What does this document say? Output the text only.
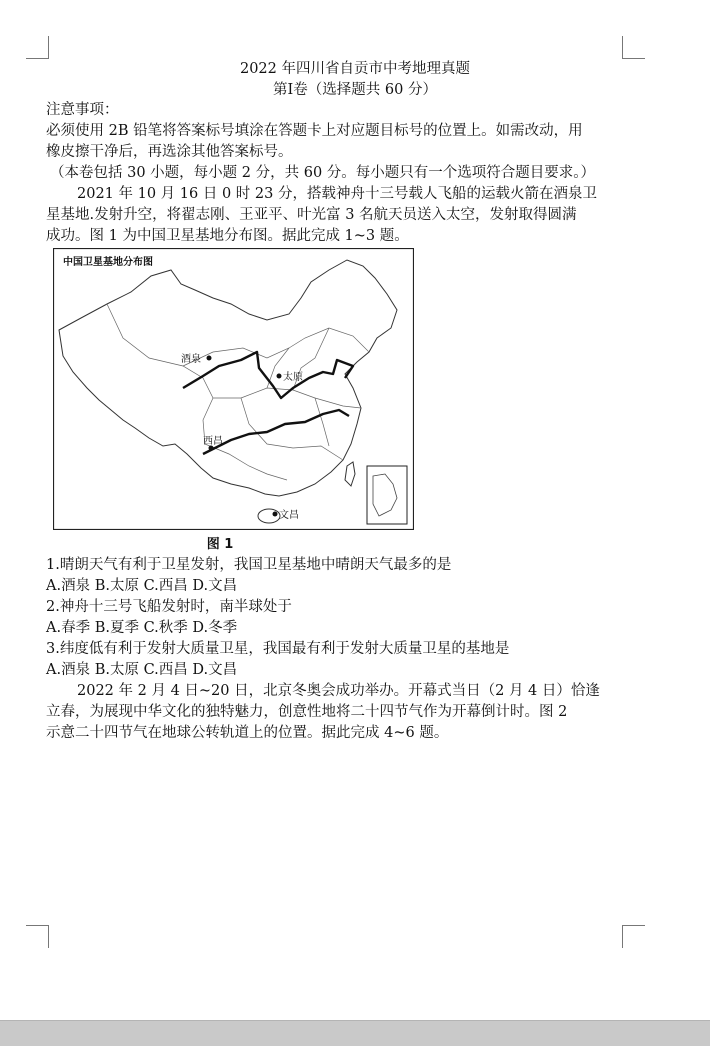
2022 年四川省自贡市中考地理真题
第Ⅰ卷（选择题共 60 分）
注意事项：
必须使用 2B 铅笔将答案标号填涂在答题卡上对应题目标号的位置上。如需改动，用
橡皮擦干净后，再选涂其他答案标号。
（本卷包括 30 小题，每小题 2 分，共 60 分。每小题只有一个选项符合题目要求。）
2021 年 10 月 16 日 0 时 23 分，搭载神舟十三号载人飞船的运载火箭在酒泉卫
星基地.发射升空，将翟志刚、王亚平、叶光富 3 名航天员送入太空，发射取得圆满
成功。图 1 为中国卫星基地分布图。据此完成 1~3 题。
中国卫星基地分布图
酒泉
太原
西昌
文昌
图 1
1.晴朗天气有利于卫星发射，我国卫星基地中晴朗天气最多的是
A.酒泉 B.太原 C.西昌 D.文昌
2.神舟十三号飞船发射时，南半球处于
A.春季 B.夏季 C.秋季 D.冬季
3.纬度低有利于发射大质量卫星，我国最有利于发射大质量卫星的基地是
A.酒泉 B.太原 C.西昌 D.文昌
2022 年 2 月 4 日~20 日，北京冬奥会成功举办。开幕式当日（2 月 4 日）恰逢
立春，为展现中华文化的独特魅力，创意性地将二十四节气作为开幕倒计时。图 2
示意二十四节气在地球公转轨道上的位置。据此完成 4~6 题。
